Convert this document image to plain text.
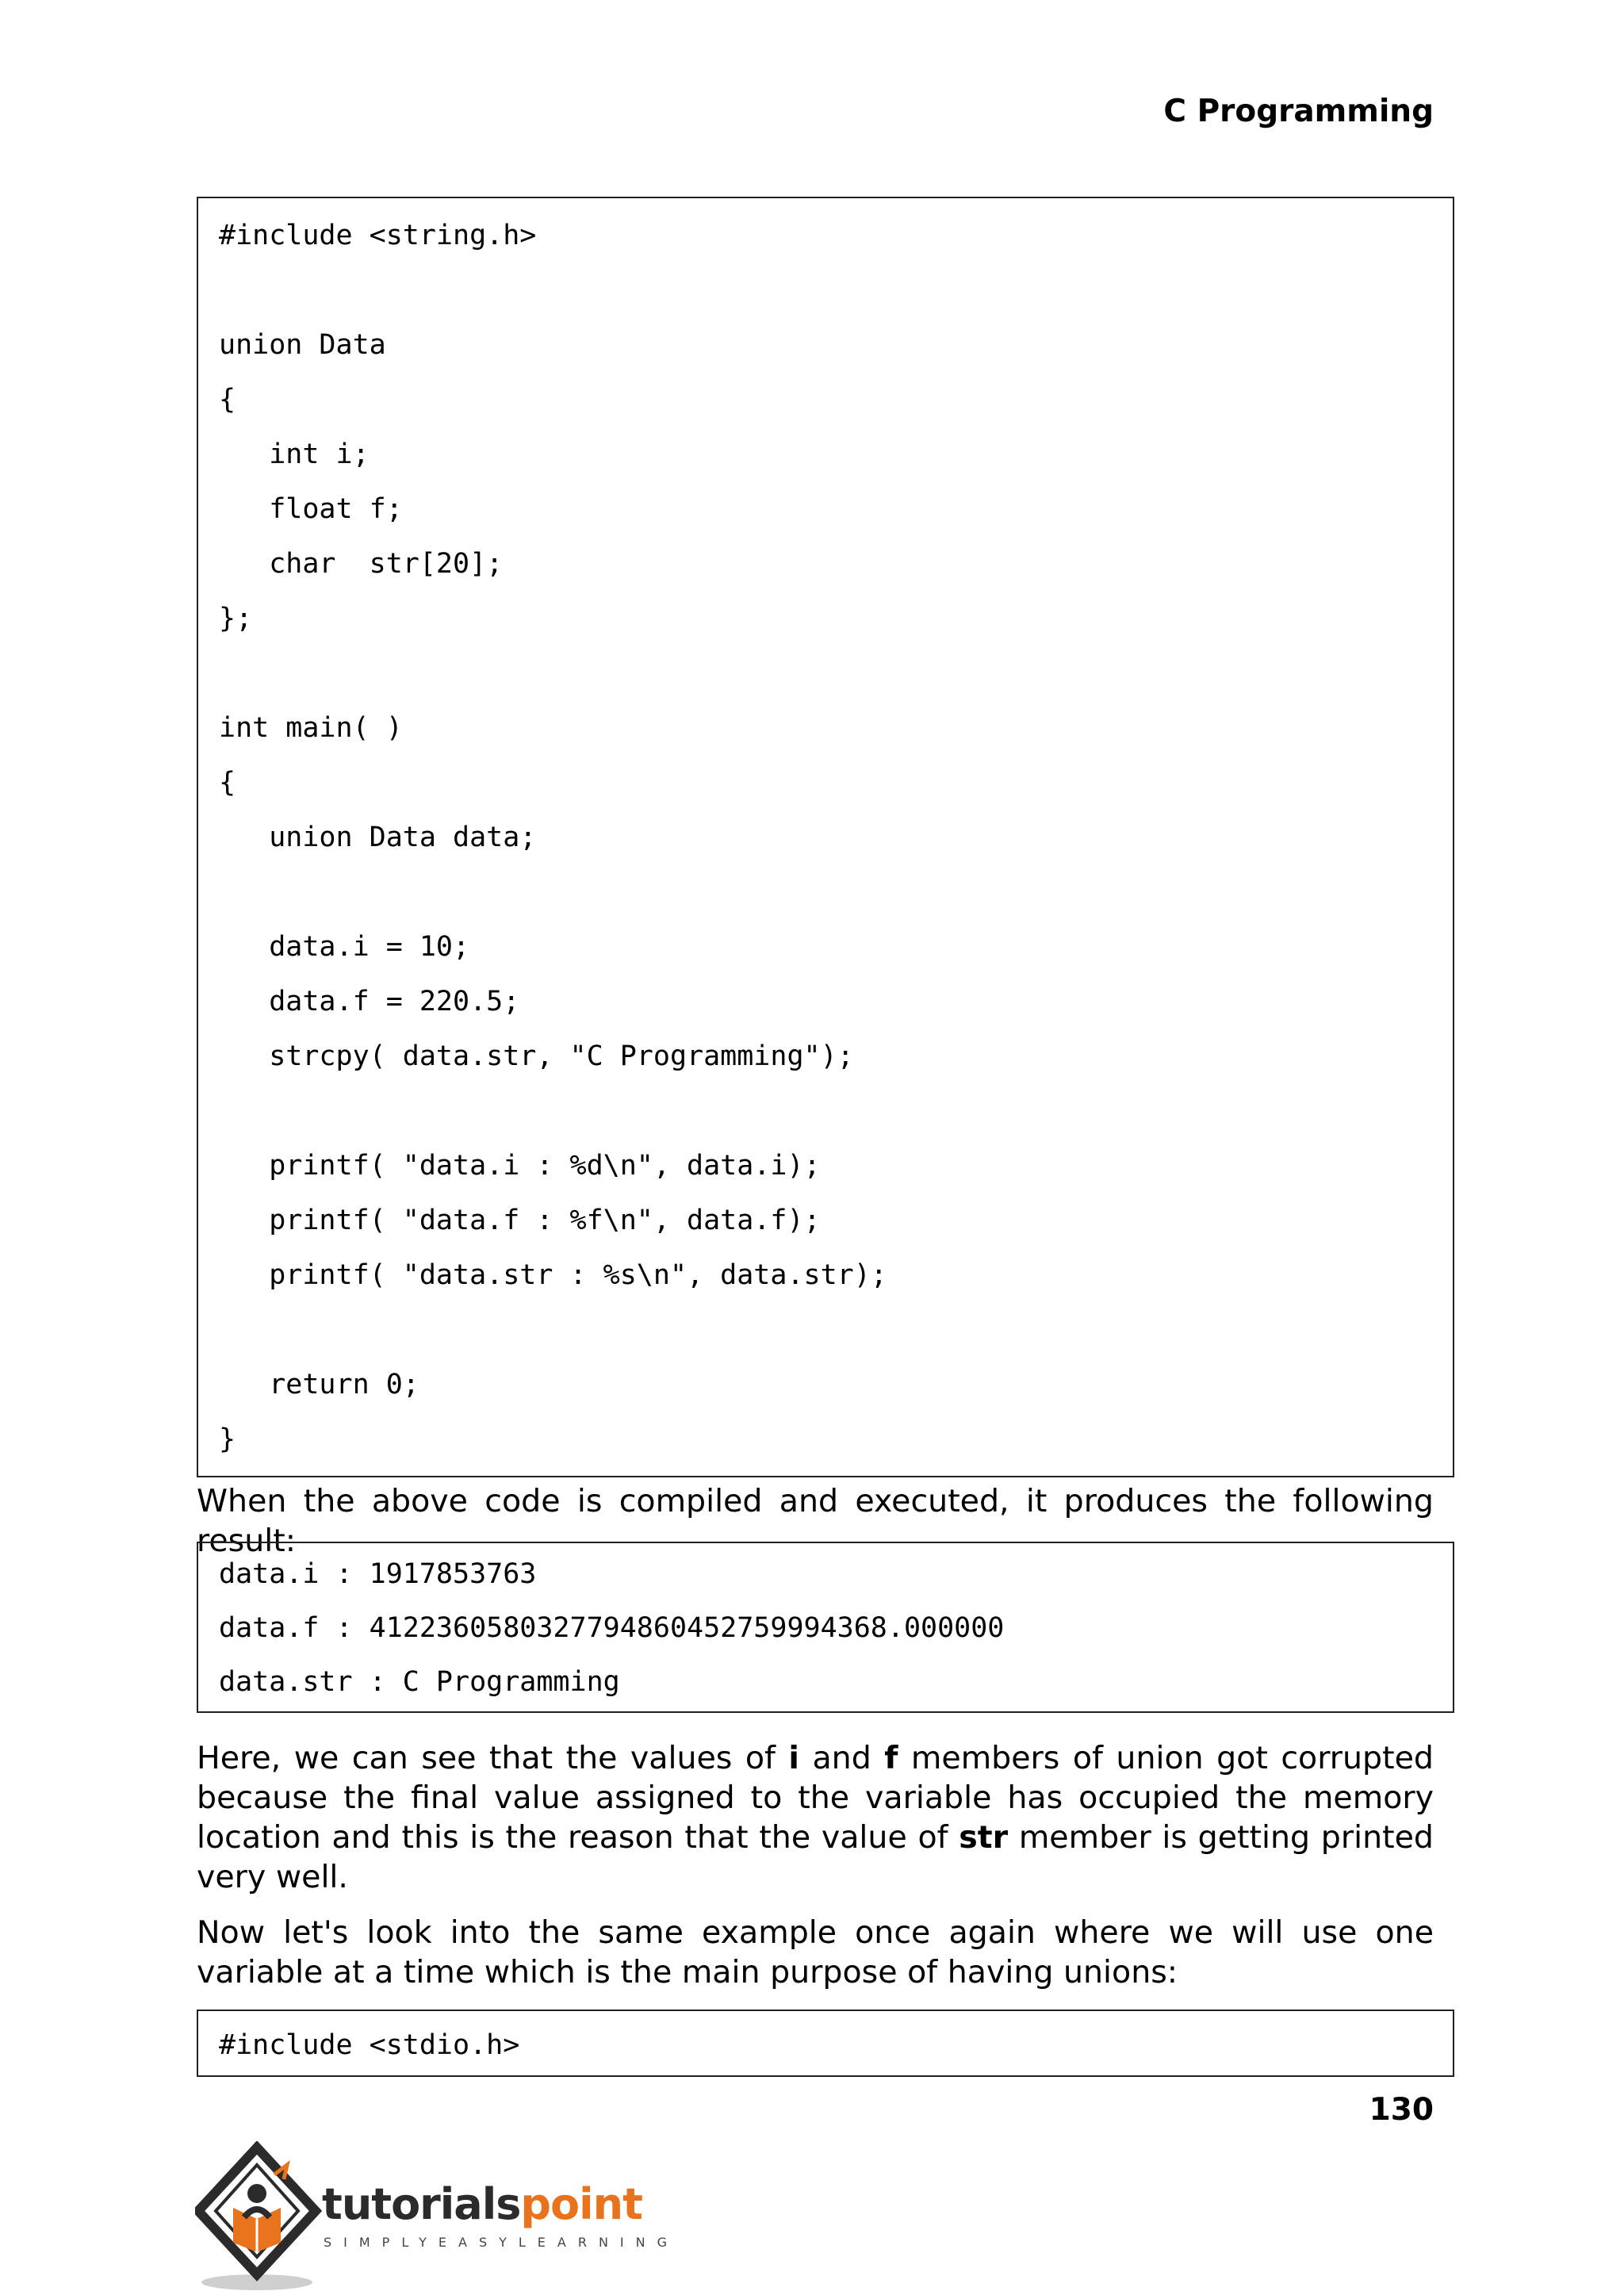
C Programming
#include <string.h>
union Data
{
int i;
float f;
char  str[20];
};
int main( )
{
union Data data;
data.i = 10;
data.f = 220.5;
strcpy( data.str, "C Programming");
printf( "data.i : %d\n", data.i);
printf( "data.f : %f\n", data.f);
printf( "data.str : %s\n", data.str);
return 0;
}
When the above code is compiled and executed, it produces the following result:
data.i : 1917853763
data.f : 4122360580327794860452759994368.000000
data.str : C Programming
Here, we can see that the values of i and f members of union got corrupted because the final value assigned to the variable has occupied the memory location and this is the reason that the value of str member is getting printed very well.
Now let's look into the same example once again where we will use one variable at a time which is the main purpose of having unions:
#include <stdio.h>
130
tutorialspoint
SIMPLYEASYLEARNING
